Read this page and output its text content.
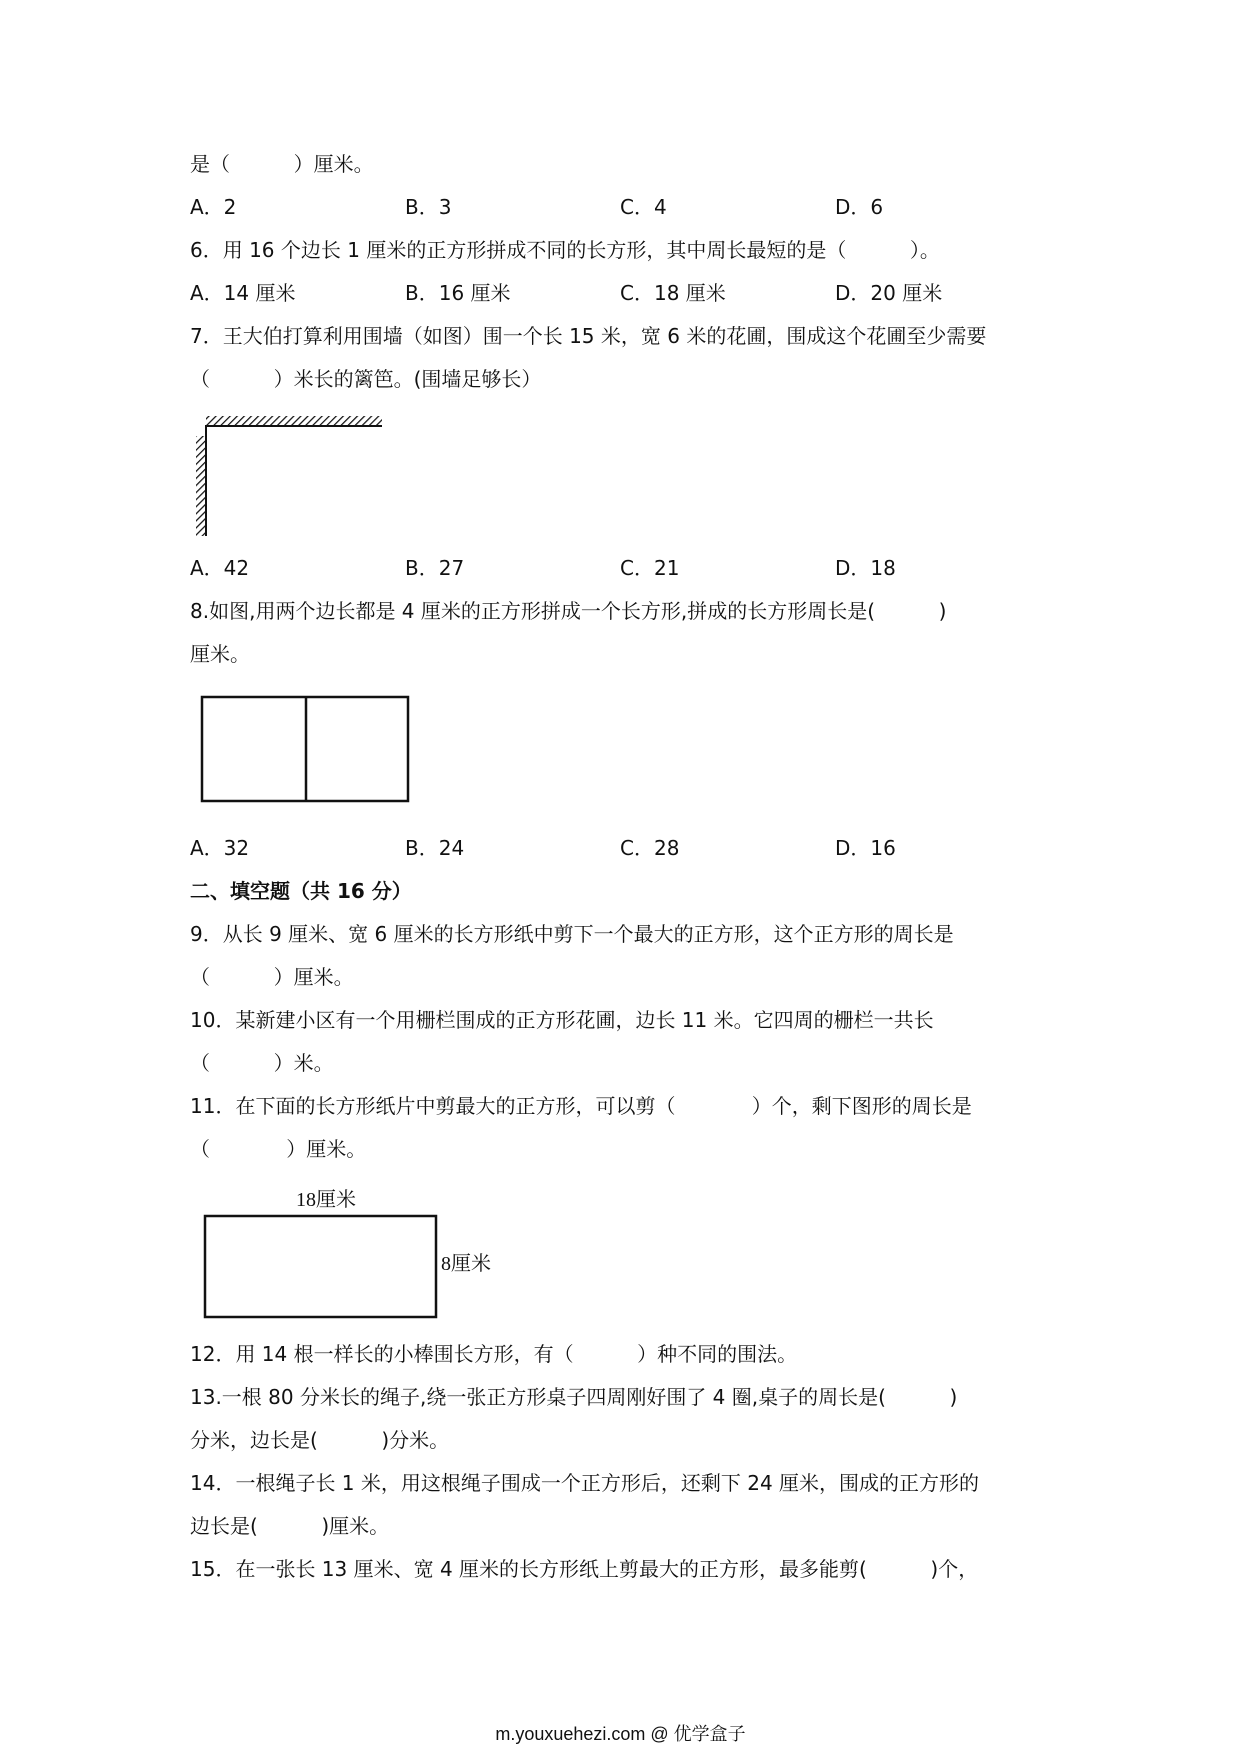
是（          ）厘米。
A．2	B．3	C．4	D．6
6．用 16 个边长 1 厘米的正方形拼成不同的长方形，其中周长最短的是（          ）。
A．14 厘米	B．16 厘米	C．18 厘米	D．20 厘米
7．王大伯打算利用围墙（如图）围一个长 15 米，宽 6 米的花圃，围成这个花圃至少需要
（          ）米长的篱笆。(围墙足够长）
A．42	B．27	C．21	D．18
8.如图,用两个边长都是 4 厘米的正方形拼成一个长方形,拼成的长方形周长是(          )
厘米。
A．32	B．24	C．28	D．16
二、填空题（共 16 分）
9．从长 9 厘米、宽 6 厘米的长方形纸中剪下一个最大的正方形，这个正方形的周长是
（          ）厘米。
10．某新建小区有一个用栅栏围成的正方形花圃，边长 11 米。它四周的栅栏一共长
（          ）米。
11．在下面的长方形纸片中剪最大的正方形，可以剪（            ）个，剩下图形的周长是
（            ）厘米。
18厘米
8厘米
12．用 14 根一样长的小棒围长方形，有（          ）种不同的围法。
13.一根 80 分米长的绳子,绕一张正方形桌子四周刚好围了 4 圈,桌子的周长是(          )
分米，边长是(          )分米。
14．一根绳子长 1 米，用这根绳子围成一个正方形后，还剩下 24 厘米，围成的正方形的
边长是(          )厘米。
15．在一张长 13 厘米、宽 4 厘米的长方形纸上剪最大的正方形，最多能剪(          )个，
m.youxuehezi.com @ 优学盒子
